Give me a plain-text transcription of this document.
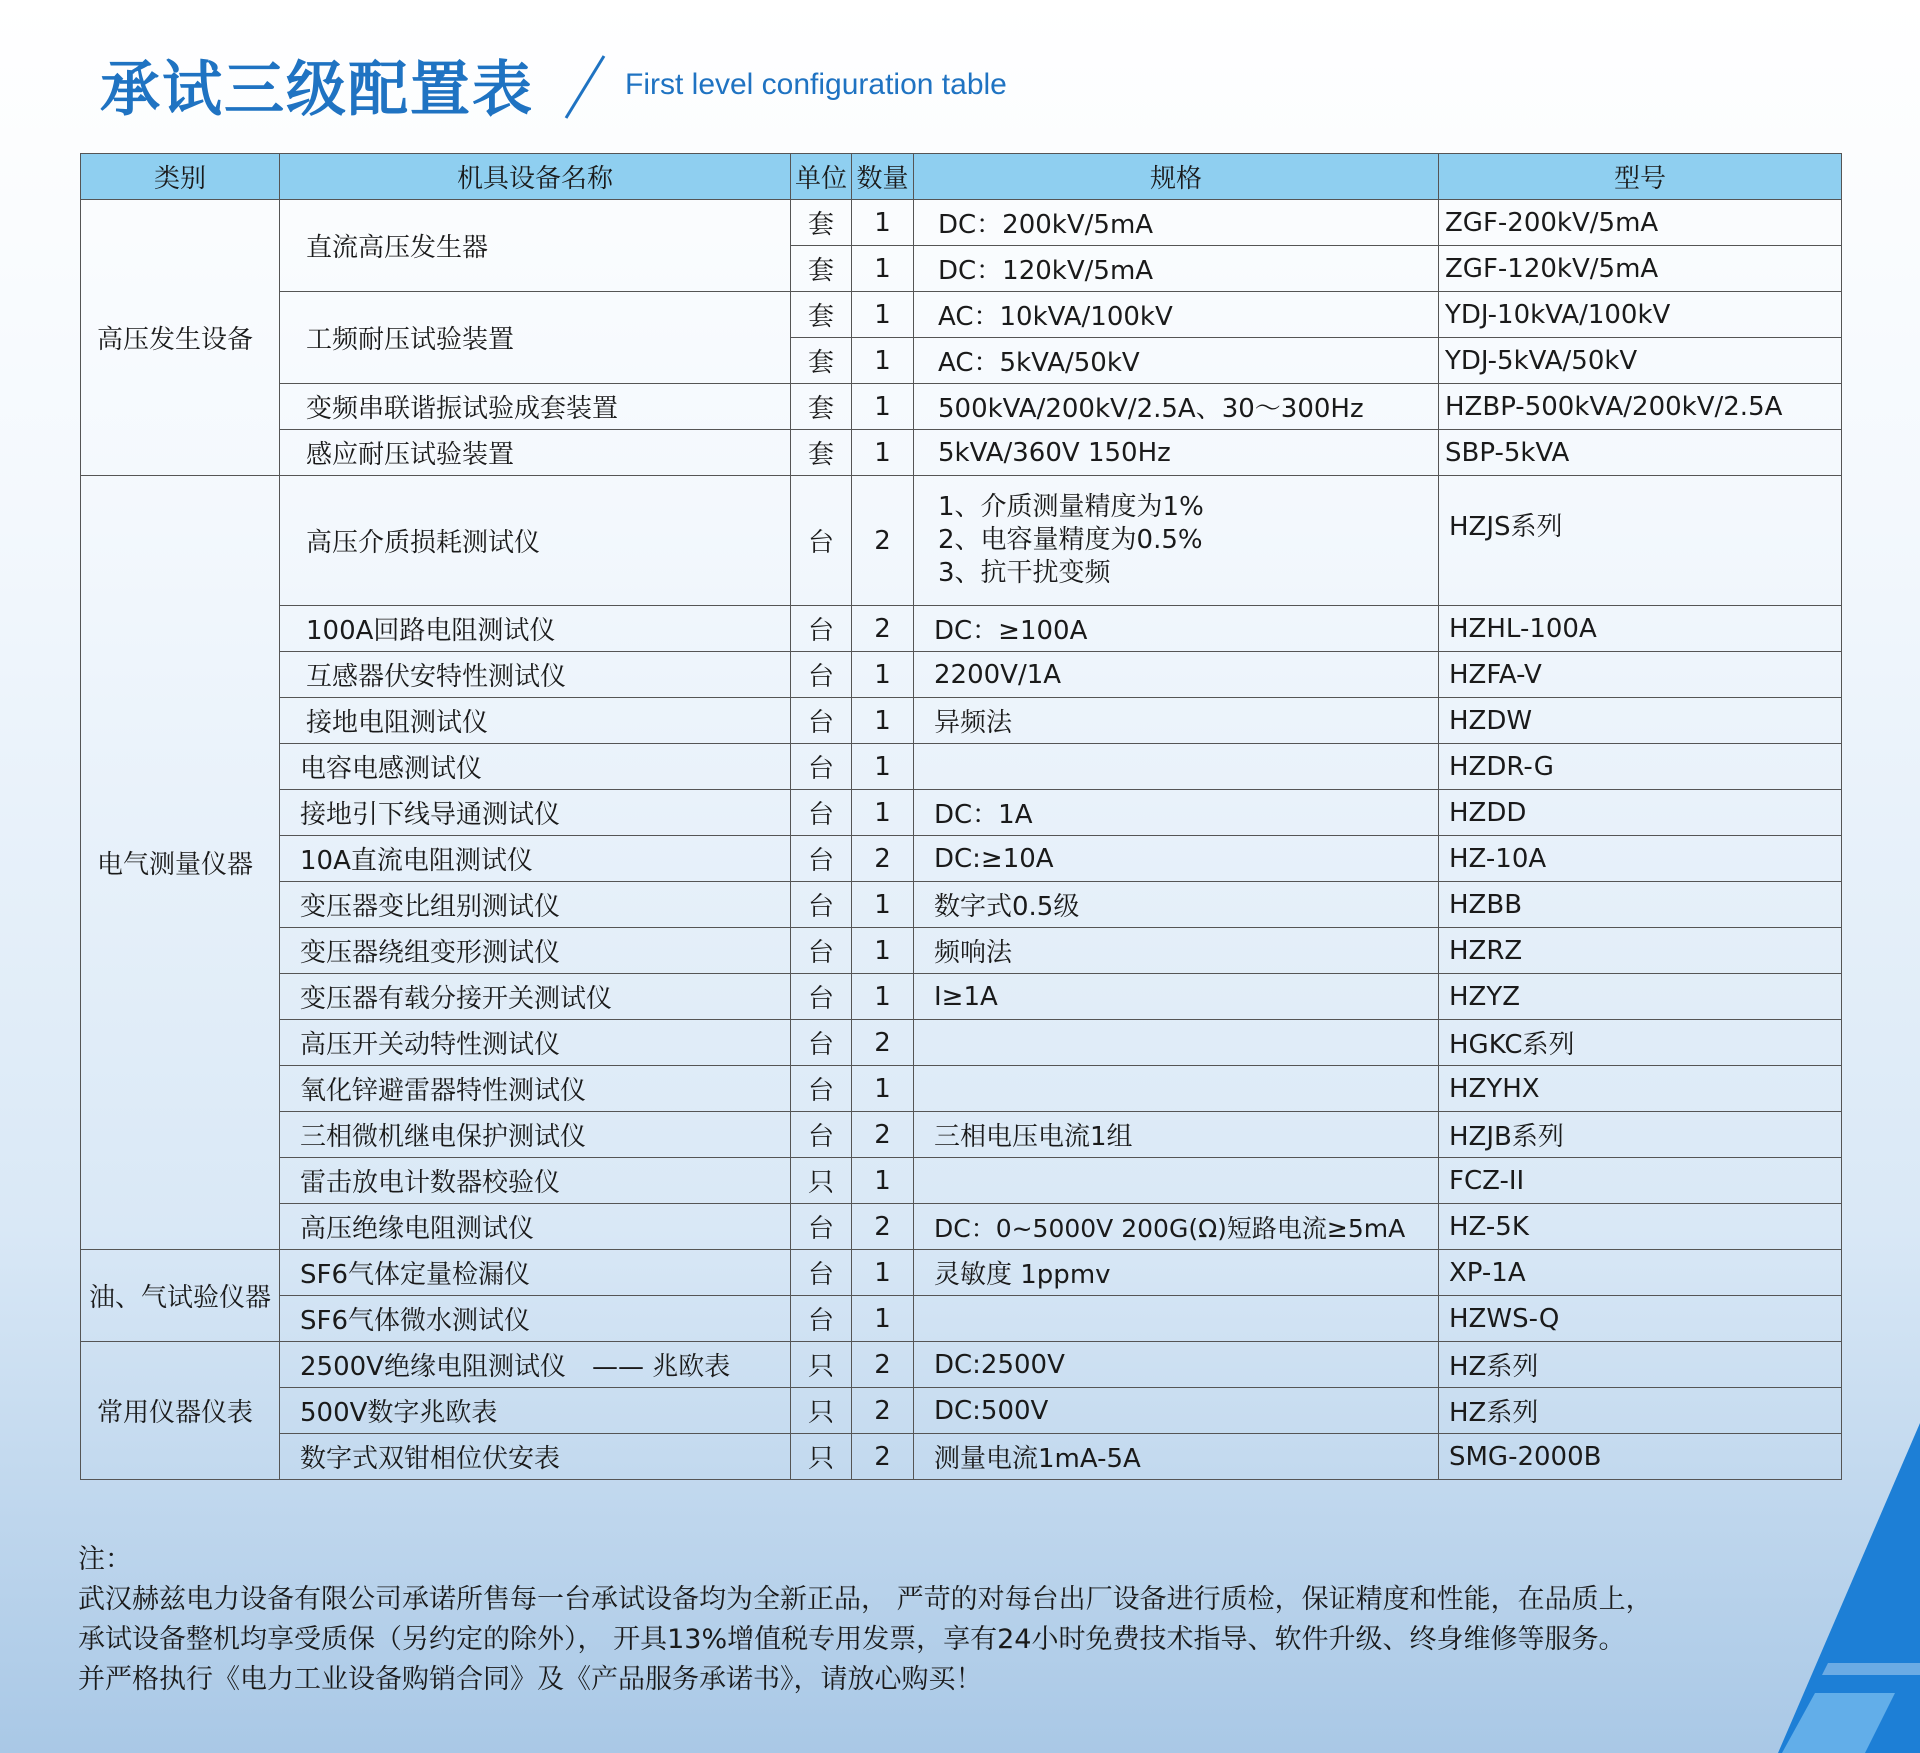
承试三级配置表	First level configuration table
类别	机具设备名称	单位	数量	规格	型号
高压发生设备	直流高压发生器	套	1	DC：200kV/5mA	ZGF-200kV/5mA
		套	1	DC：120kV/5mA	ZGF-120kV/5mA
	工频耐压试验装置	套	1	AC：10kVA/100kV	YDJ-10kVA/100kV
		套	1	AC：5kVA/50kV	YDJ-5kVA/50kV
	变频串联谐振试验成套装置	套	1	500kVA/200kV/2.5A、30～300Hz	HZBP-500kVA/200kV/2.5A
	感应耐压试验装置	套	1	5kVA/360V 150Hz	SBP-5kVA
电气测量仪器	高压介质损耗测试仪	台	2	1、介质测量精度为1%
2、电容量精度为0.5%
3、抗干扰变频	HZJS系列
	100A回路电阻测试仪	台	2	DC：≥100A	HZHL-100A
	互感器伏安特性测试仪	台	1	2200V/1A	HZFA-V
	接地电阻测试仪	台	1	异频法	HZDW
	电容电感测试仪	台	1		HZDR-G
	接地引下线导通测试仪	台	1	DC：1A	HZDD
	10A直流电阻测试仪	台	2	DC:≥10A	HZ-10A
	变压器变比组别测试仪	台	1	数字式0.5级	HZBB
	变压器绕组变形测试仪	台	1	频响法	HZRZ
	变压器有载分接开关测试仪	台	1	I≥1A	HZYZ
	高压开关动特性测试仪	台	2		HGKC系列
	氧化锌避雷器特性测试仪	台	1		HZYHX
	三相微机继电保护测试仪	台	2	三相电压电流1组	HZJB系列
	雷击放电计数器校验仪	只	1		FCZ-II
	高压绝缘电阻测试仪	台	2	DC：0~5000V 200G(Ω)短路电流≥5mA	HZ-5K
油、气试验仪器	SF6气体定量检漏仪	台	1	灵敏度 1ppmv	XP-1A
	SF6气体微水测试仪	台	1		HZWS-Q
常用仪器仪表	2500V绝缘电阻测试仪　—— 兆欧表	只	2	DC:2500V	HZ系列
	500V数字兆欧表	只	2	DC:500V	HZ系列
	数字式双钳相位伏安表	只	2	测量电流1mA-5A	SMG-2000B
注：
武汉赫兹电力设备有限公司承诺所售每一台承试设备均为全新正品， 严苛的对每台出厂设备进行质检，保证精度和性能，在品质上，
承试设备整机均享受质保（另约定的除外）， 开具13%增值税专用发票，享有24小时免费技术指导、软件升级、终身维修等服务。
并严格执行《电力工业设备购销合同》及《产品服务承诺书》，请放心购买！
